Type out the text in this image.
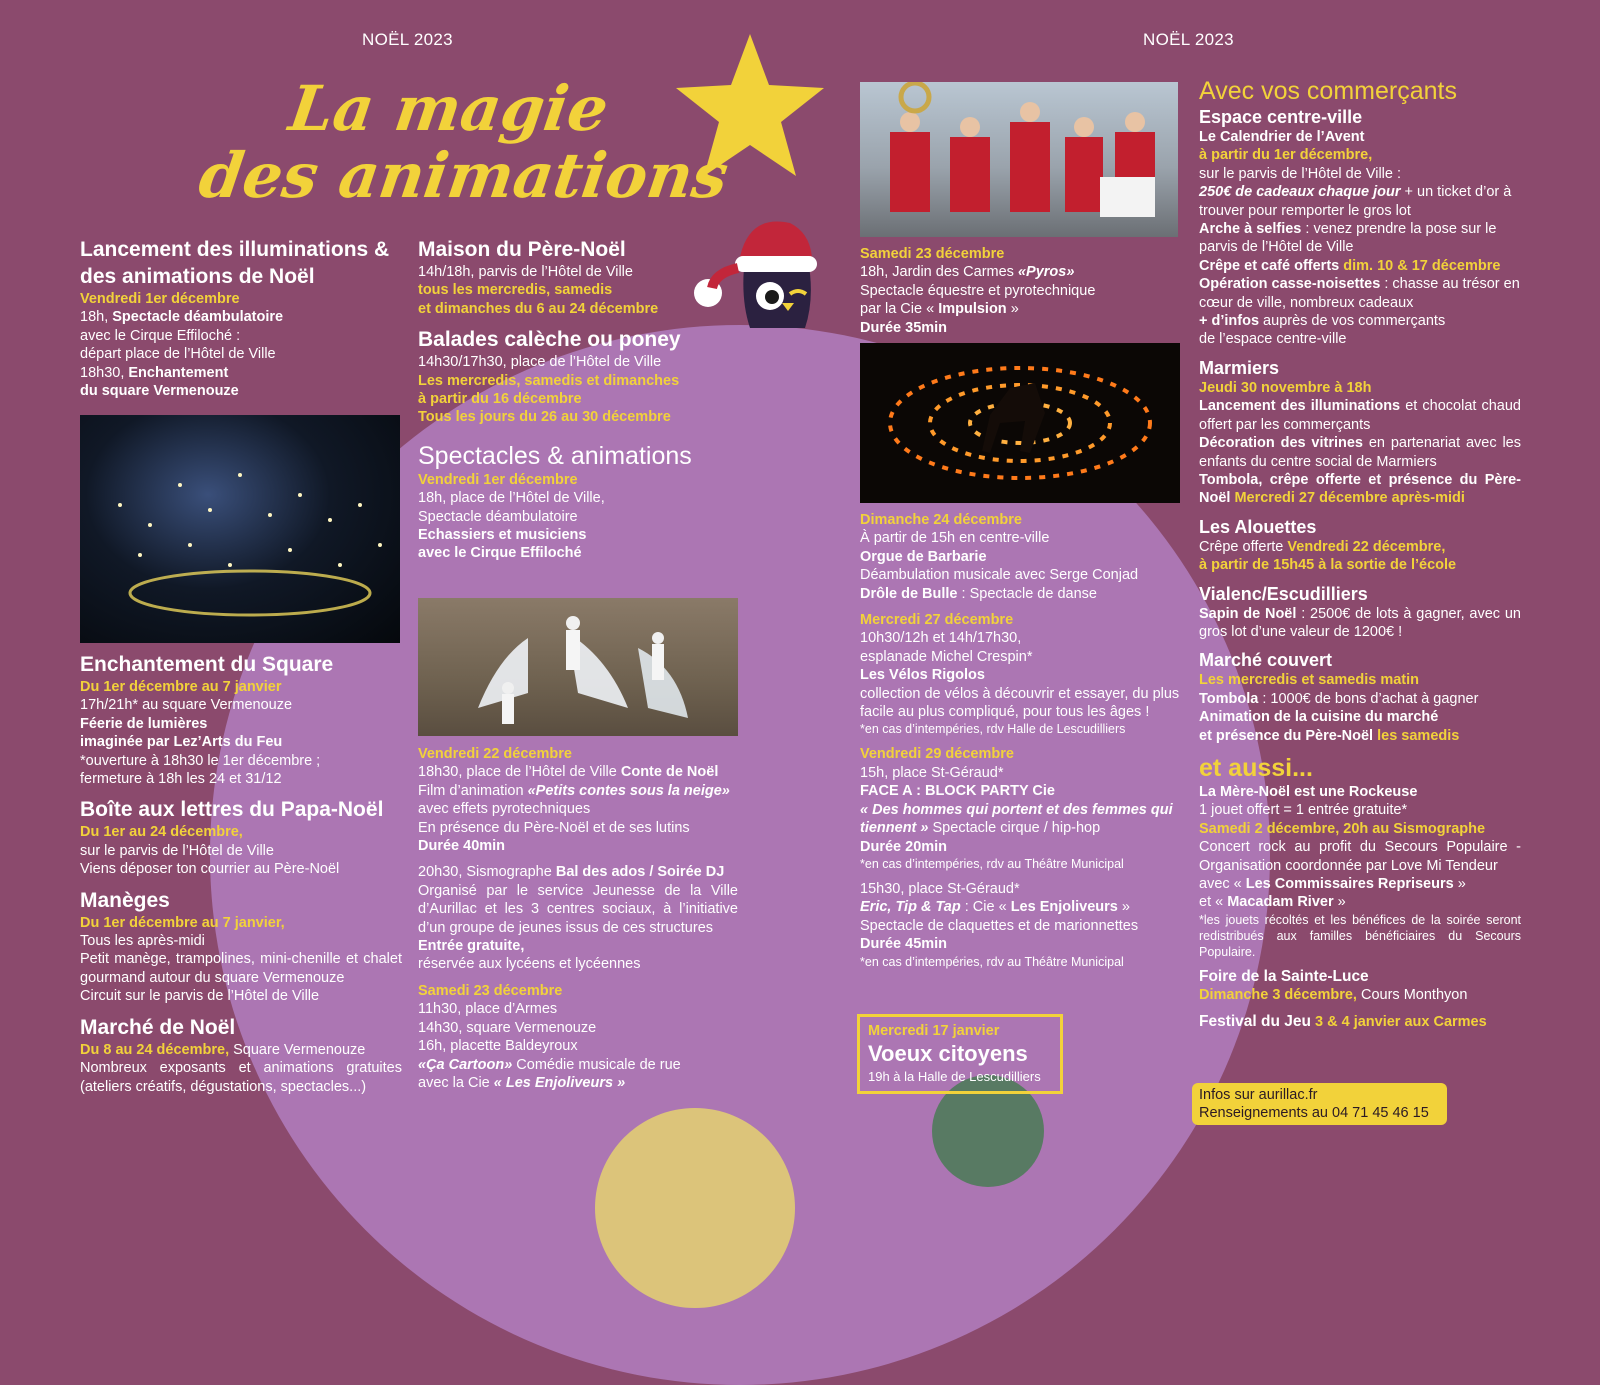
NOËL 2023	NOËL 2023
La magie
des animations
Lancement des illuminations & des animations de Noël

Vendredi 1er décembre

18h, Spectacle déambulatoire

avec le Cirque Effiloché :

départ place de l’Hôtel de Ville

18h30, Enchantement

du square Vermenouze

Enchantement du Square

Du 1er décembre au 7 janvier

17h/21h* au square Vermenouze

Féerie de lumières

imaginée par Lez’Arts du Feu

*ouverture à 18h30 le 1er décembre ;

fermeture à 18h les 24 et 31/12

Boîte aux lettres du Papa-Noël

Du 1er au 24 décembre,

sur le parvis de l’Hôtel de Ville

Viens déposer ton courrier au Père-Noël

Manèges

Du 1er décembre au 7 janvier,

Tous les après-midi

Petit manège, trampolines, mini-chenille et chalet gourmand autour du square Vermenouze

Circuit sur le parvis de l’Hôtel de Ville

Marché de Noël

Du 8 au 24 décembre, Square Vermenouze

Nombreux exposants et animations gratuites (ateliers créatifs, dégustations, spectacles...)

Maison du Père-Noël

14h/18h, parvis de l’Hôtel de Ville

tous les mercredis, samedis

et dimanches du 6 au 24 décembre

Balades calèche ou poney

14h30/17h30, place de l’Hôtel de Ville

Les mercredis, samedis et dimanches

à partir du 16 décembre

Tous les jours du 26 au 30 décembre

Spectacles & animations

Vendredi 1er décembre

18h, place de l’Hôtel de Ville,

Spectacle déambulatoire

Echassiers et musiciens

avec le Cirque Effiloché

Vendredi 22 décembre

18h30, place de l’Hôtel de Ville Conte de Noël

Film d’animation «Petits contes sous la neige»

avec effets pyrotechniques

En présence du Père-Noël et de ses lutins

Durée 40min

20h30, Sismographe Bal des ados / Soirée DJ

Organisé par le service Jeunesse de la Ville d’Aurillac et les 3 centres sociaux, à l’initiative d’un groupe de jeunes issus de ces structures

Entrée gratuite,

réservée aux lycéens et lycéennes

Samedi 23 décembre

11h30, place d’Armes

14h30, square Vermenouze

16h, placette Baldeyroux

«Ça Cartoon» Comédie musicale de rue

avec la Cie « Les Enjoliveurs »

Samedi 23 décembre

18h, Jardin des Carmes «Pyros»

Spectacle équestre et pyrotechnique

par la Cie « Impulsion »

Durée 35min

Dimanche 24 décembre

À partir de 15h en centre-ville

Orgue de Barbarie

Déambulation musicale avec Serge Conjad

Drôle de Bulle : Spectacle de danse

Mercredi 27 décembre

10h30/12h et 14h/17h30,

esplanade Michel Crespin*

Les Vélos Rigolos

collection de vélos à découvrir et essayer, du plus facile au plus compliqué, pour tous les âges !

*en cas d’intempéries, rdv Halle de Lescudilliers

Vendredi 29 décembre

15h, place St-Géraud*

FACE A : BLOCK PARTY Cie

« Des hommes qui portent et des femmes qui tiennent » Spectacle cirque / hip-hop

Durée 20min

*en cas d’intempéries, rdv au Théâtre Municipal

15h30, place St-Géraud*

Eric, Tip & Tap : Cie « Les Enjoliveurs »

Spectacle de claquettes et de marionnettes

Durée 45min

*en cas d’intempéries, rdv au Théâtre Municipal

Mercredi 17 janvier
Voeux citoyens
19h à la Halle de Lescudilliers

Avec vos commerçants

Espace centre-ville

Le Calendrier de l’Avent

à partir du 1er décembre,

sur le parvis de l’Hôtel de Ville :

250€ de cadeaux chaque jour + un ticket d’or à trouver pour remporter le gros lot

Arche à selfies : venez prendre la pose sur le parvis de l’Hôtel de Ville

Crêpe et café offerts dim. 10 & 17 décembre

Opération casse-noisettes : chasse au trésor en cœur de ville, nombreux cadeaux

+ d’infos auprès de vos commerçants

de l’espace centre-ville

Marmiers

Jeudi 30 novembre à 18h

Lancement des illuminations et chocolat chaud offert par les commerçants

Décoration des vitrines en partenariat avec les enfants du centre social de Marmiers

Tombola, crêpe offerte et présence du Père-Noël Mercredi 27 décembre après-midi

Les Alouettes

Crêpe offerte Vendredi 22 décembre,

à partir de 15h45 à la sortie de l’école

Vialenc/Escudilliers

Sapin de Noël : 2500€ de lots à gagner, avec un gros lot d’une valeur de 1200€ !

Marché couvert

Les mercredis et samedis matin

Tombola : 1000€ de bons d’achat à gagner

Animation de la cuisine du marché

et présence du Père-Noël les samedis

et aussi...

La Mère-Noël est une Rockeuse

1 jouet offert = 1 entrée gratuite*

Samedi 2 décembre, 20h au Sismographe

Concert rock au profit du Secours Populaire - Organisation coordonnée par Love Mi Tendeur

avec « Les Commissaires Repriseurs »

et « Macadam River »

*les jouets récoltés et les bénéfices de la soirée seront redistribués aux familles bénéficiaires du Secours Populaire.

Foire de la Sainte-Luce

Dimanche 3 décembre, Cours Monthyon

Festival du Jeu 3 & 4 janvier aux Carmes

Infos sur aurillac.fr
Renseignements au 04 71 45 46 15
